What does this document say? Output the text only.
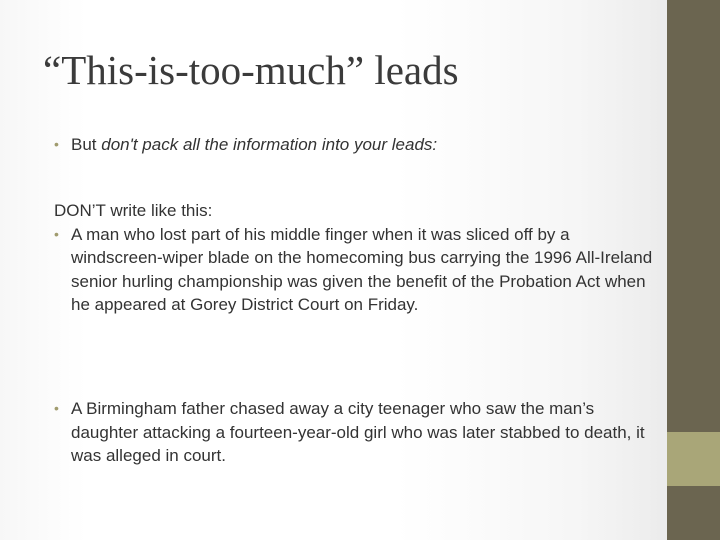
“This-is-too-much” leads
• But don't pack all the information into your leads:
DON’T write like this:
• A man who lost part of his middle finger when it was sliced off by a windscreen-wiper blade on the homecoming bus carrying the 1996 All-Ireland senior hurling championship was given the benefit of the Probation Act when he appeared at Gorey District Court on Friday.
• A Birmingham father chased away a city teenager who saw the man’s daughter attacking a fourteen-year-old girl who was later stabbed to death, it was alleged in court.
